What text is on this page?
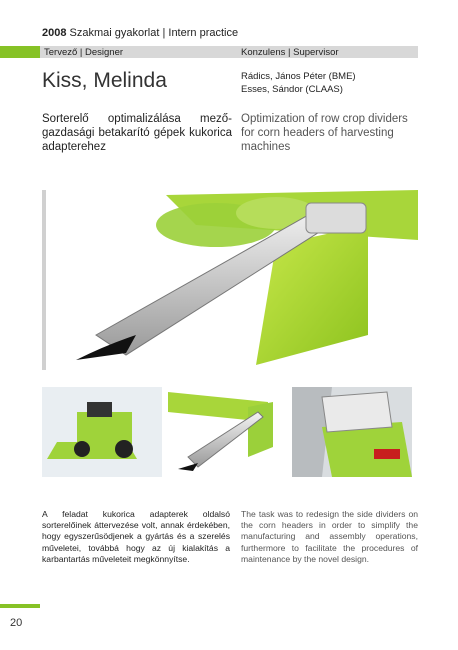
2008 Szakmai gyakorlat | Intern practice
Tervező | Designer	Konzulens | Supervisor
Kiss, Melinda	Rádics, János Péter (BME)
Esses, Sándor (CLAAS)
Sorterelő optimalizálása mezőgazdasági betakarító gépek kukorica adapterehez
Optimization of row crop dividers for corn headers of harvesting machines
A feladat kukorica adapterek oldalsó sorterelőinek áttervezése volt, annak érdekében, hogy egyszerűsödjenek a gyártás és a szerelés műveletei, továbbá hogy az új kialakítás a karbantartás műveleteit megkönnyítse.
The task was to redesign the side dividers on the corn headers in order to simplify the manufacturing and assembly operations, furthermore to facilitate the procedures of maintenance by the novel design.
20
